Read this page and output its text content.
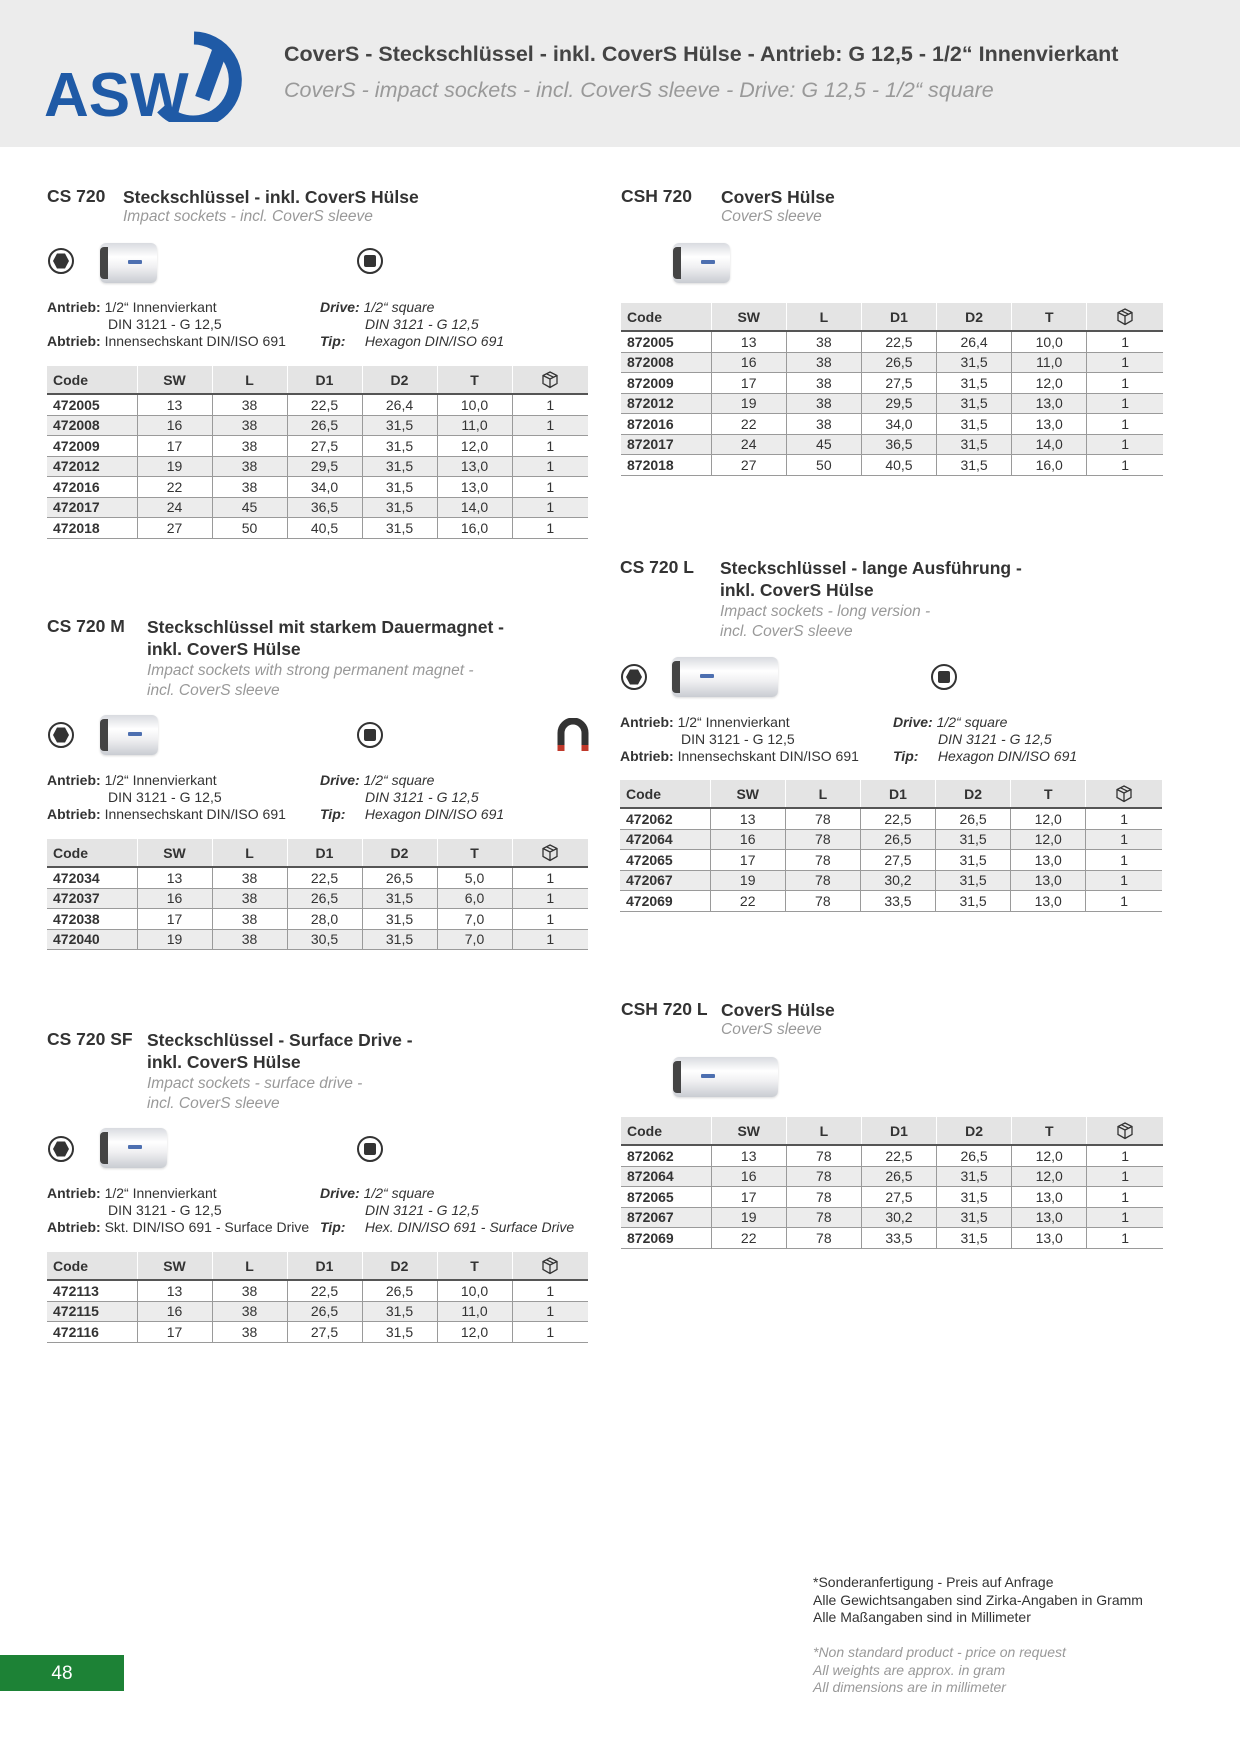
ASW
CoverS - Steckschlüssel - inkl. CoverS Hülse - Antrieb: G 12,5 - 1/2“ Innenvierkant
CoverS - impact sockets - incl. CoverS sleeve - Drive: G 12,5 - 1/2“ square
CS 720 Steckschlüssel - inkl. CoverS Hülse
Impact sockets - incl. CoverS sleeve
Antrieb: 1/2“ Innenvierkant
DIN 3121 - G 12,5
Abtrieb: Innensechskant DIN/ISO 691
Drive: 1/2“ square
DIN 3121 - G 12,5
Tip: Hexagon DIN/ISO 691
Code	SW	L	D1	D2	T	
472005	13	38	22,5	26,4	10,0	1
472008	16	38	26,5	31,5	11,0	1
472009	17	38	27,5	31,5	12,0	1
472012	19	38	29,5	31,5	13,0	1
472016	22	38	34,0	31,5	13,0	1
472017	24	45	36,5	31,5	14,0	1
472018	27	50	40,5	31,5	16,0	1
CSH 720 CoverS Hülse
CoverS sleeve
Code	SW	L	D1	D2	T	
872005	13	38	22,5	26,4	10,0	1
872008	16	38	26,5	31,5	11,0	1
872009	17	38	27,5	31,5	12,0	1
872012	19	38	29,5	31,5	13,0	1
872016	22	38	34,0	31,5	13,0	1
872017	24	45	36,5	31,5	14,0	1
872018	27	50	40,5	31,5	16,0	1
CS 720 L Steckschlüssel - lange Ausführung -
inkl. CoverS Hülse
Impact sockets - long version -
incl. CoverS sleeve
Antrieb: 1/2“ Innenvierkant
DIN 3121 - G 12,5
Abtrieb: Innensechskant DIN/ISO 691
Drive: 1/2“ square
DIN 3121 - G 12,5
Tip: Hexagon DIN/ISO 691
Code	SW	L	D1	D2	T	
472062	13	78	22,5	26,5	12,0	1
472064	16	78	26,5	31,5	12,0	1
472065	17	78	27,5	31,5	13,0	1
472067	19	78	30,2	31,5	13,0	1
472069	22	78	33,5	31,5	13,0	1
CS 720 M Steckschlüssel mit starkem Dauermagnet -
inkl. CoverS Hülse
Impact sockets with strong permanent magnet -
incl. CoverS sleeve
Antrieb: 1/2“ Innenvierkant
DIN 3121 - G 12,5
Abtrieb: Innensechskant DIN/ISO 691
Drive: 1/2“ square
DIN 3121 - G 12,5
Tip: Hexagon DIN/ISO 691
Code	SW	L	D1	D2	T	
472034	13	38	22,5	26,5	5,0	1
472037	16	38	26,5	31,5	6,0	1
472038	17	38	28,0	31,5	7,0	1
472040	19	38	30,5	31,5	7,0	1
CSH 720 L CoverS Hülse
CoverS sleeve
Code	SW	L	D1	D2	T	
872062	13	78	22,5	26,5	12,0	1
872064	16	78	26,5	31,5	12,0	1
872065	17	78	27,5	31,5	13,0	1
872067	19	78	30,2	31,5	13,0	1
872069	22	78	33,5	31,5	13,0	1
CS 720 SF Steckschlüssel - Surface Drive -
inkl. CoverS Hülse
Impact sockets - surface drive -
incl. CoverS sleeve
Antrieb: 1/2“ Innenvierkant
DIN 3121 - G 12,5
Abtrieb: Skt. DIN/ISO 691 - Surface Drive
Drive: 1/2“ square
DIN 3121 - G 12,5
Tip: Hex. DIN/ISO 691 - Surface Drive
Code	SW	L	D1	D2	T	
472113	13	38	22,5	26,5	10,0	1
472115	16	38	26,5	31,5	11,0	1
472116	17	38	27,5	31,5	12,0	1
*Sonderanfertigung - Preis auf Anfrage
Alle Gewichtsangaben sind Zirka-Angaben in Gramm
Alle Maßangaben sind in Millimeter
*Non standard product - price on request
All weights are approx. in gram
All dimensions are in millimeter
48
